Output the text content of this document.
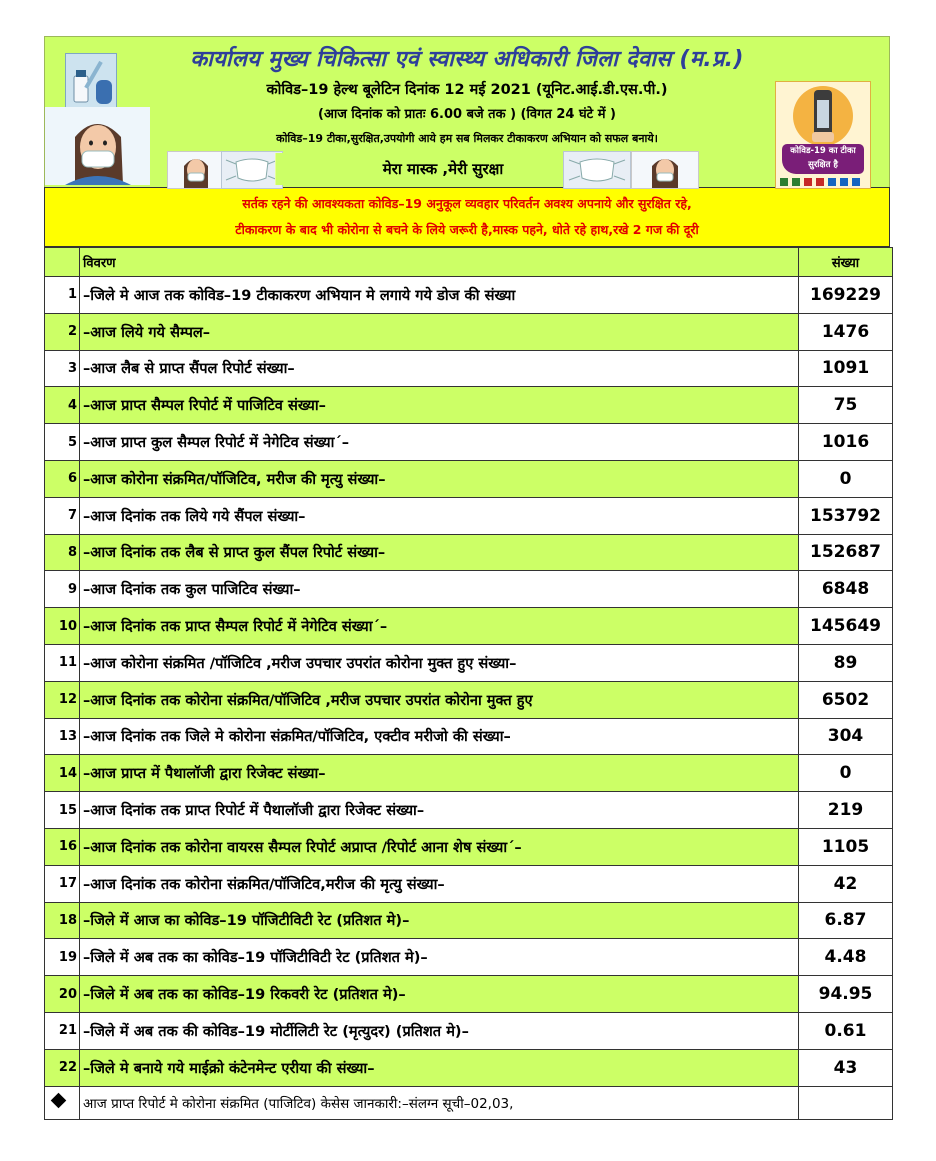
कार्यालय मुख्य चिकित्सा एवं स्वास्थ्य अधिकारी जिला देवास (म.प्र.)
कोविड–19 हेल्थ बूलेटिन दिनांक 12 मई 2021 (यूनिट.आई.डी.एस.पी.)
(आज दिनांक को प्रातः 6.00 बजे तक ) (विगत 24 घंटे में )
कोविड–19 टीका,सुरक्षित,उपयोगी आये हम सब मिलकर टीकाकरण अभियान को सफल बनाये।
मेरा मास्क ,मेरी सुरक्षा
कोविड-19 का टीका सुरक्षित है
सर्तक रहने की आवश्यकता कोविड–19 अनुकूल व्यवहार परिवर्तन अवश्य अपनाये और सुरक्षित रहे,
टीकाकरण के बाद भी कोरोना से बचने के लिये जरूरी है,मास्क पहने, धोते रहे हाथ,रखे 2 गज की दूरी
	विवरण	संख्या
1	–जिले मे आज तक कोविड–19 टीकाकरण अभियान मे लगाये गये डोज की संख्या	169229
2	–आज लिये गये सैम्पल–	1476
3	–आज लैब से प्राप्त सैंपल रिपोर्ट संख्या–	1091
4	–आज प्राप्त सैम्पल रिपोर्ट में पाजिटिव संख्या–	75
5	–आज प्राप्त कुल सैम्पल रिपोर्ट में नेगेटिव संख्या´–	1016
6	–आज कोरोना संक्रमित/पॉजिटिव, मरीज की मृत्यु संख्या–	0
7	–आज दिनांक तक लिये गये सैंपल संख्या–	153792
8	–आज दिनांक तक लैब से प्राप्त कुल सैंपल रिपोर्ट संख्या–	152687
9	–आज दिनांक तक कुल पाजिटिव संख्या–	6848
10	–आज दिनांक तक प्राप्त सैम्पल रिपोर्ट में नेगेटिव संख्या´–	145649
11	–आज कोरोना संक्रमित /पॉजिटिव ,मरीज उपचार उपरांत कोरोना मुक्त हुए संख्या–	89
12	–आज दिनांक तक कोरोना संक्रमित/पॉजिटिव ,मरीज उपचार उपरांत कोरोना मुक्त हुए	6502
13	–आज दिनांक तक जिले मे कोरोना संक्रमित/पॉजिटिव, एक्टीव मरीजो की संख्या–	304
14	–आज प्राप्त में पैथालॉजी द्वारा रिजेक्ट संख्या–	0
15	–आज दिनांक तक प्राप्त रिपोर्ट में पैथालॉजी द्वारा रिजेक्ट संख्या–	219
16	–आज दिनांक तक कोरोना वायरस सैम्पल रिपोर्ट अप्राप्त /रिपोर्ट आना शेष संख्या´–	1105
17	–आज दिनांक तक कोरोना संक्रमित/पॉजिटिव,मरीज की मृत्यु संख्या–	42
18	–जिले में आज का कोविड–19 पॉजिटीविटी रेट (प्रतिशत मे)–	6.87
19	–जिले में अब तक का कोविड–19 पॉजिटीविटी रेट (प्रतिशत मे)–	4.48
20	–जिले में अब तक का कोविड–19 रिकवरी रेट (प्रतिशत मे)–	94.95
21	–जिले में अब तक की कोविड–19 मोर्टीलिटी रेट (मृत्युदर) (प्रतिशत मे)–	0.61
22	–जिले मे बनाये गये माईक्रो कंटेनमेन्ट एरीया की संख्या–	43
	आज प्राप्त रिपोर्ट मे कोरोना संक्रमित (पाजिटिव) केसेस जानकारी:–संलग्न सूची–02,03,	
